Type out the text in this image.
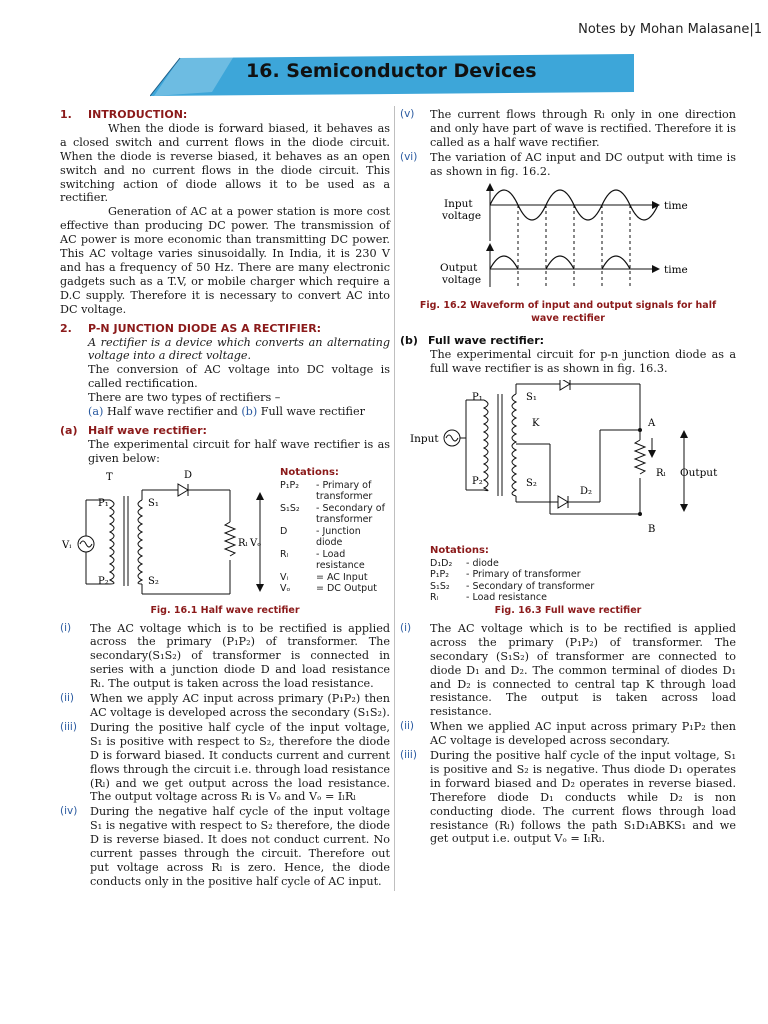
Notes by Mohan Malasane|1
16. Semiconductor Devices
1.	INTRODUCTION:

When the diode is forward biased, it behaves as a closed switch and current flows in the diode circuit. When the diode is reverse biased, it behaves as an open switch and no current flows in the diode circuit. This switching action of diode allows it to be used as a rectifier.

Generation of AC at a power station is more cost effective than producing DC power. The transmission of AC power is more economic than transmitting DC power. This AC voltage varies sinusoidally. In India, it is 230 V and has a frequency of 50 Hz. There are many electronic gadgets such as a T.V, or mobile charger which require a D.C supply. Therefore it is necessary to convert AC into DC voltage.

2.	P-N JUNCTION DIODE AS A RECTIFIER:

A rectifier is a device which converts an alternating voltage into a direct voltage.

The conversion of AC voltage into DC voltage is called rectification.

There are two types of rectifiers –

(a) Half wave rectifier and (b) Full wave rectifier

(a) Half wave rectifier:

The experimental circuit for half wave rectifier is as given below:

T	D
P₁
P₂
S₁
S₂
Vᵢ	Rₗ Vₒ
Notations:
P₁P₂	- Primary of transformer
S₁S₂	- Secondary of transformer
D	- Junction diode
Rₗ	- Load resistance
Vᵢ	= AC Input
Vₒ	= DC Output
Fig. 16.1 Half wave rectifier
(i)	The AC voltage which is to be rectified is applied across the primary (P₁P₂) of transformer. The secondary(S₁S₂) of transformer is connected in series with a junction diode D and load resistance Rₗ. The output is taken across the load resistance.
(ii)	When we apply AC input across primary (P₁P₂) then AC voltage is developed across the secondary (S₁S₂).
(iii)	During the positive half cycle of the input voltage, S₁ is positive with respect to S₂, therefore the diode D is forward biased. It conducts current and current flows through the circuit i.e. through load resistance (Rₗ) and we get output across the load resistance. The output voltage across Rₗ is Vₒ and Vₒ = IₗRₗ
(iv)	During the negative half cycle of the input voltage S₁ is negative with respect to S₂ therefore, the diode D is reverse biased. It does not conduct current. No current passes through the circuit. Therefore out put voltage across Rₗ is zero. Hence, the diode conducts only in the positive half cycle of AC input.
(v)	The current flows through Rₗ only in one direction and only have part of wave is rectified. Therefore it is called as a half wave rectifier.
(vi)	The variation of AC input and DC output with time is as shown in fig. 16.2.
Input
voltage
Output
voltage
time
time
Fig. 16.2 Waveform of input and output signals for half wave rectifier
(b) Full wave rectifier:

The experimental circuit for p-n junction diode as a full wave rectifier is as shown in fig. 16.3.

D₂
P₁
P₂
S₁
S₂
K	A
B
Input
Rₗ Output
Notations:
D₁D₂	- diode
P₁P₂	- Primary of transformer
S₁S₂	- Secondary of transformer
Rₗ	- Load resistance
Fig. 16.3 Full wave rectifier
(i)	The AC voltage which is to be rectified is applied across the primary (P₁P₂) of transformer. The secondary (S₁S₂) of transformer are connected to diode D₁ and D₂. The common terminal of diodes D₁ and D₂ is connected to central tap K through load resistance. The output is taken across load resistance.
(ii)	When we applied AC input across primary P₁P₂ then AC voltage is developed across secondary.
(iii)	During the positive half cycle of the input voltage, S₁ is positive and S₂ is negative. Thus diode D₁ operates in forward biased and D₂ operates in reverse biased. Therefore diode D₁ conducts while D₂ is non conducting diode. The current flows through load resistance (Rₗ) follows the path S₁D₁ABKS₁ and we get output i.e. output Vₒ = IₗRₗ.
